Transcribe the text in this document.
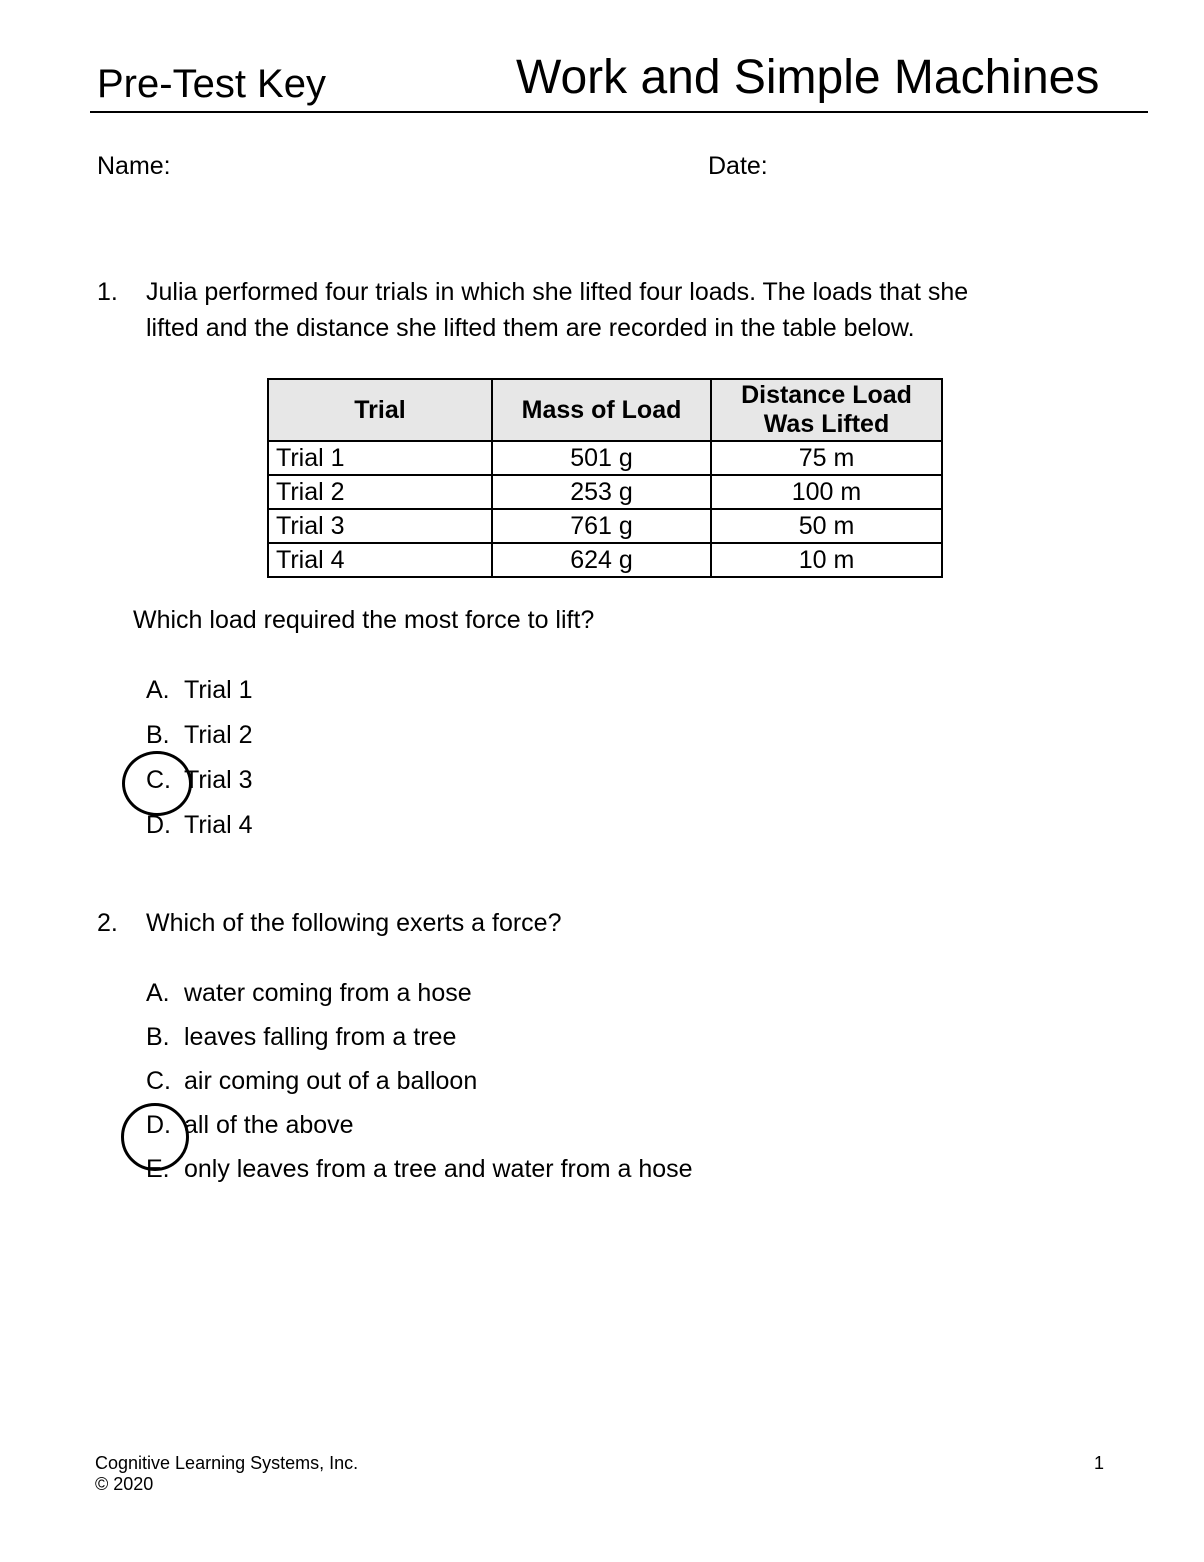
Pre-Test Key	Work and Simple Machines
Name:	Date:
1. Julia performed four trials in which she lifted four loads. The loads that she
lifted and the distance she lifted them are recorded in the table below.
Trial	Mass of Load	Distance Load Was Lifted
Trial 1	501 g	75 m
Trial 2	253 g	100 m
Trial 3	761 g	50 m
Trial 4	624 g	10 m
Which load required the most force to lift?
A. Trial 1
B. Trial 2
C. Trial 3
D. Trial 4
2. Which of the following exerts a force?
A. water coming from a hose
B. leaves falling from a tree
C. air coming out of a balloon
D. all of the above
E. only leaves from a tree and water from a hose
Cognitive Learning Systems, Inc.
© 2020
1
